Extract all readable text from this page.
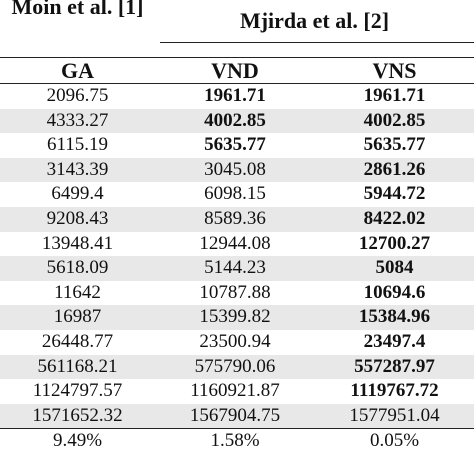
Moin et al. [1]
Mjirda et al. [2]
GA	VND	VNS
2096.75	1961.71	1961.71
4333.27	4002.85	4002.85
6115.19	5635.77	5635.77
3143.39	3045.08	2861.26
6499.4	6098.15	5944.72
9208.43	8589.36	8422.02
13948.41	12944.08	12700.27
5618.09	5144.23	5084
11642	10787.88	10694.6
16987	15399.82	15384.96
26448.77	23500.94	23497.4
561168.21	575790.06	557287.97
1124797.57	1160921.87	1119767.72
1571652.32	1567904.75	1577951.04
9.49%	1.58%	0.05%
